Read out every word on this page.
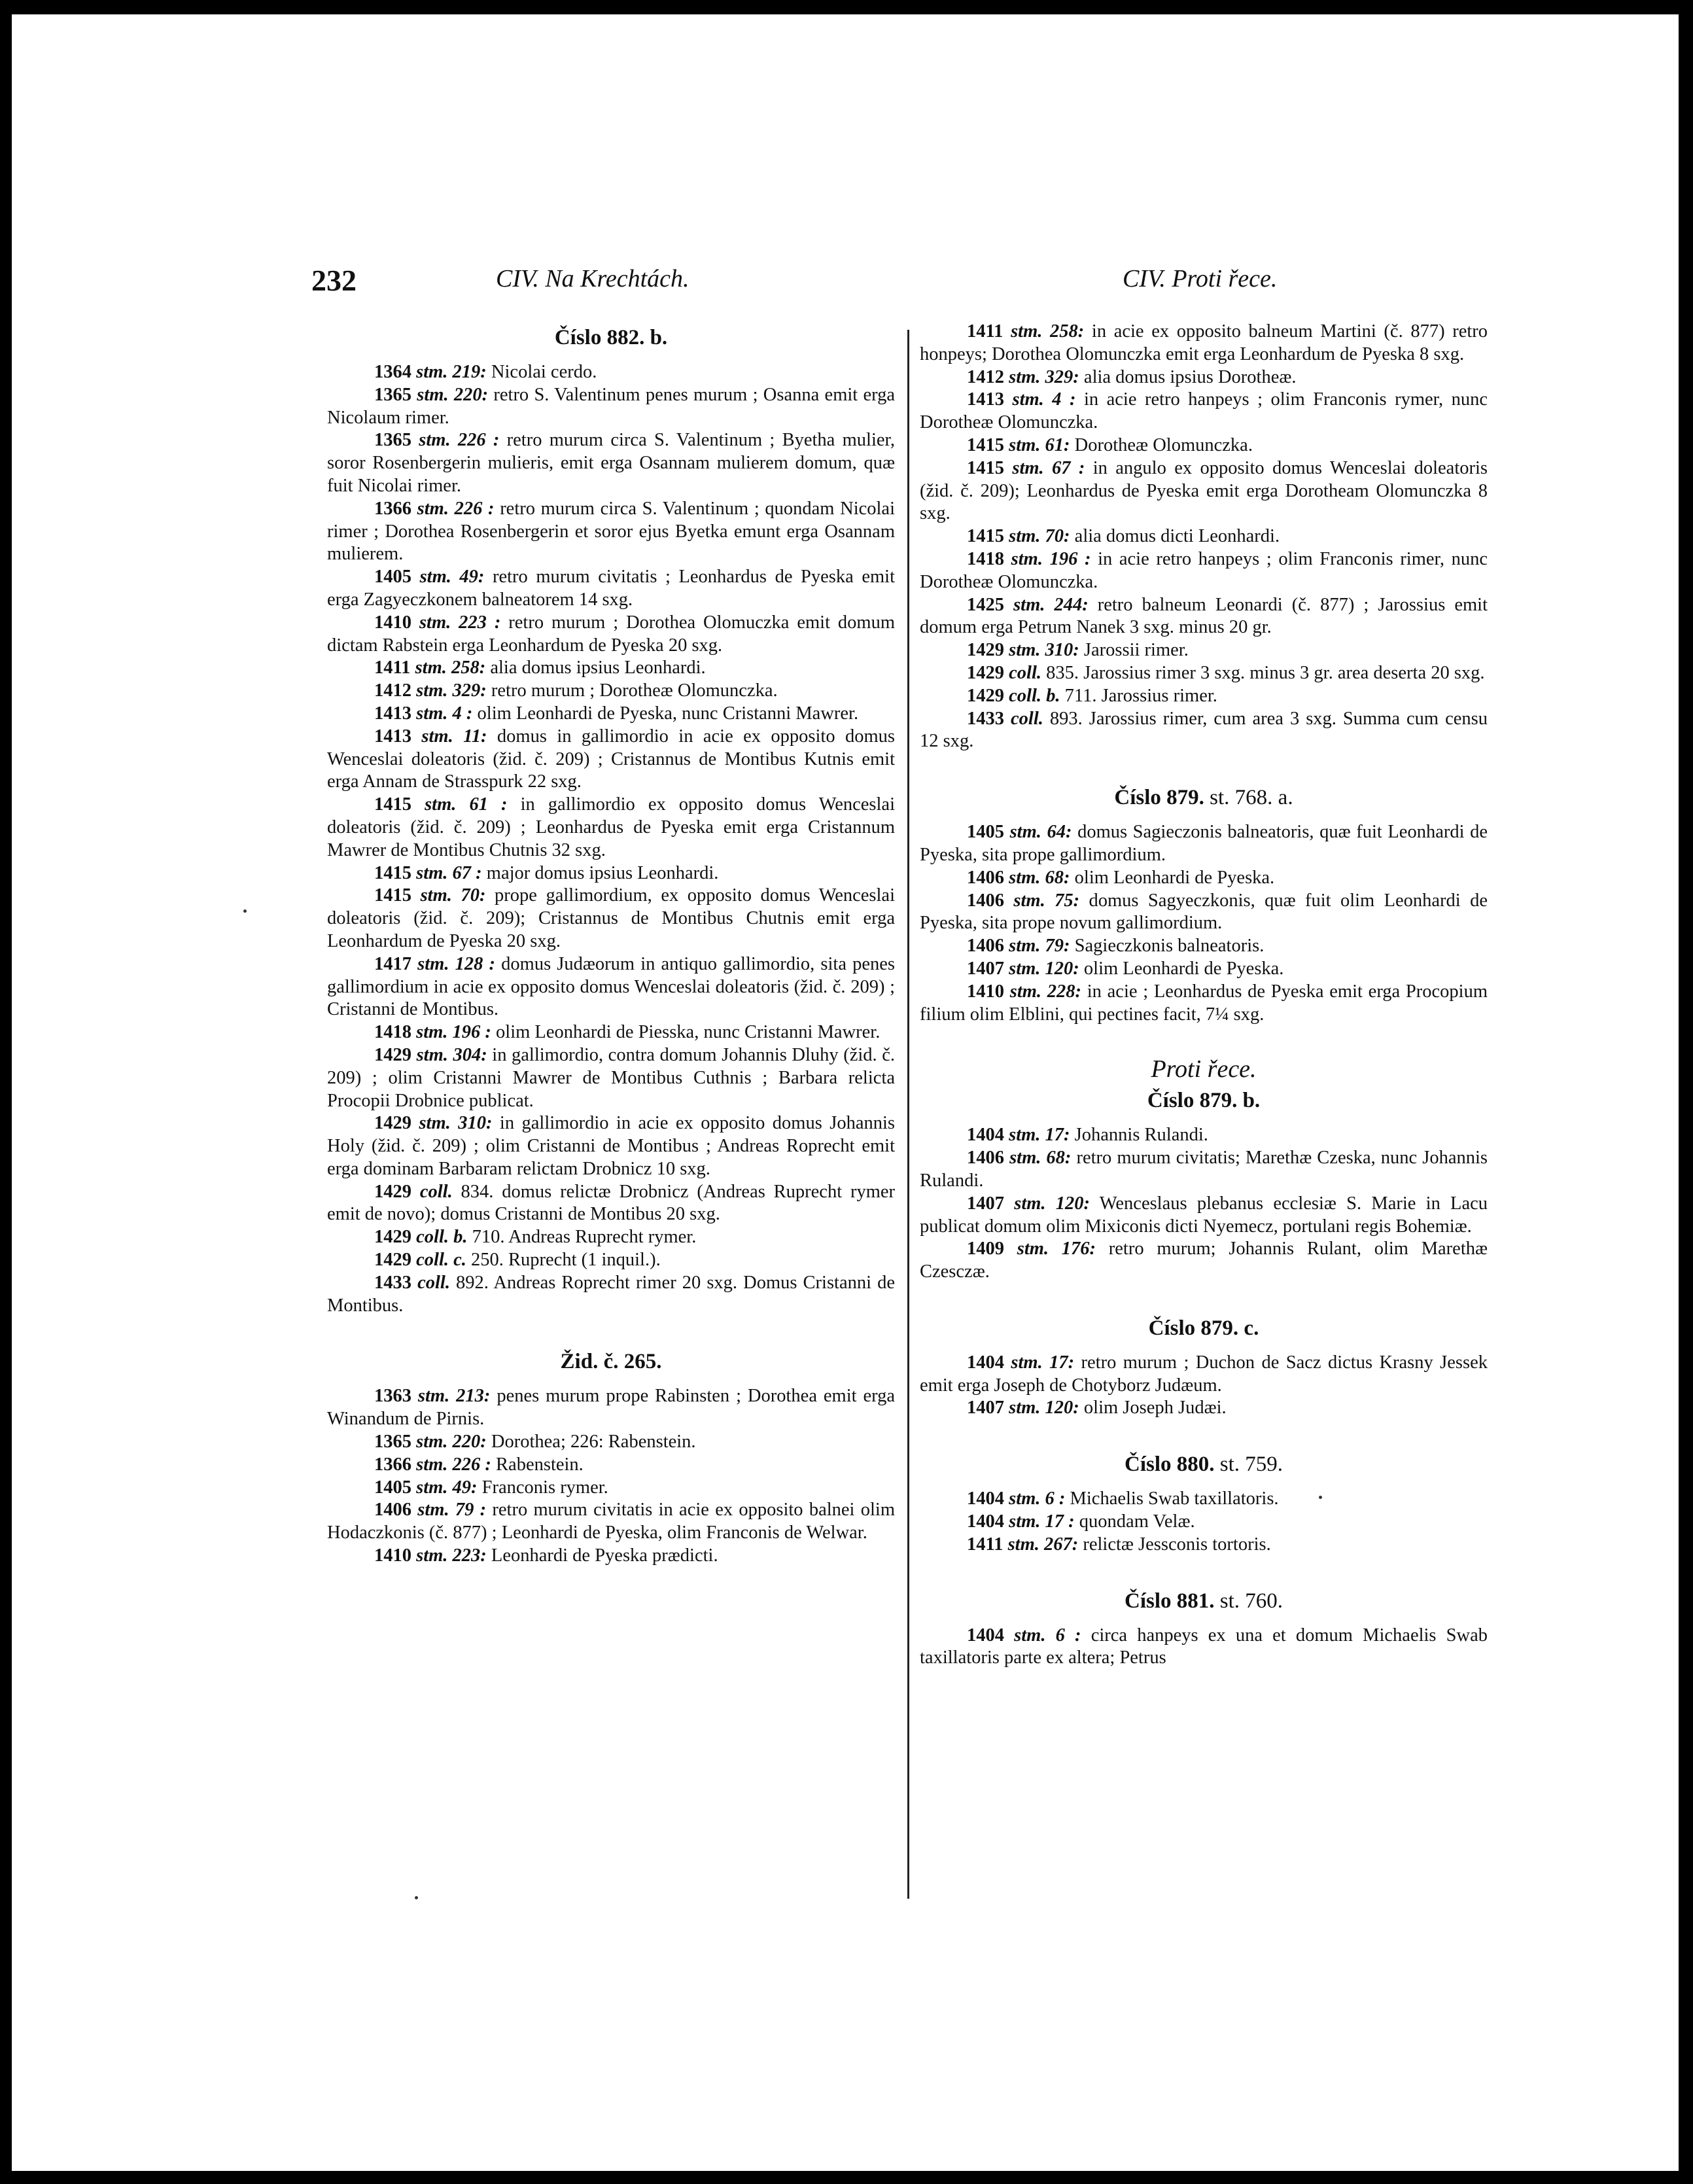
232	CIV. Na Krechtách.	CIV. Proti řece.
Číslo 882. b.

1364 stm. 219: Nicolai cerdo.

1365 stm. 220: retro S. Valentinum penes murum ; Osanna emit erga Nicolaum rimer.

1365 stm. 226 : retro murum circa S. Valentinum ; Byetha mulier, soror Rosenbergerin mulieris, emit erga Osannam mulierem domum, quæ fuit Nicolai rimer.

1366 stm. 226 : retro murum circa S. Valentinum ; quondam Nicolai rimer ; Dorothea Rosenbergerin et soror ejus Byetka emunt erga Osannam mulierem.

1405 stm. 49: retro murum civitatis ; Leonhardus de Pyeska emit erga Zagyeczkonem balneatorem 14 sxg.

1410 stm. 223 : retro murum ; Dorothea Olomuczka emit domum dictam Rabstein erga Leonhardum de Pyeska 20 sxg.

1411 stm. 258: alia domus ipsius Leonhardi.

1412 stm. 329: retro murum ; Dorotheæ Olomunczka.

1413 stm. 4 : olim Leonhardi de Pyeska, nunc Cristanni Mawrer.

1413 stm. 11: domus in gallimordio in acie ex opposito domus Wenceslai doleatoris (žid. č. 209) ; Cristannus de Montibus Kutnis emit erga Annam de Strasspurk 22 sxg.

1415 stm. 61 : in gallimordio ex opposito domus Wenceslai doleatoris (žid. č. 209) ; Leonhardus de Pyeska emit erga Cristannum Mawrer de Montibus Chutnis 32 sxg.

1415 stm. 67 : major domus ipsius Leonhardi.

1415 stm. 70: prope gallimordium, ex opposito domus Wenceslai doleatoris (žid. č. 209); Cristannus de Montibus Chutnis emit erga Leonhardum de Pyeska 20 sxg.

1417 stm. 128 : domus Judæorum in antiquo gallimordio, sita penes gallimordium in acie ex opposito domus Wenceslai doleatoris (žid. č. 209) ; Cristanni de Montibus.

1418 stm. 196 : olim Leonhardi de Piesska, nunc Cristanni Mawrer.

1429 stm. 304: in gallimordio, contra domum Johannis Dluhy (žid. č. 209) ; olim Cristanni Mawrer de Montibus Cuthnis ; Barbara relicta Procopii Drobnice publicat.

1429 stm. 310: in gallimordio in acie ex opposito domus Johannis Holy (žid. č. 209) ; olim Cristanni de Montibus ; Andreas Roprecht emit erga dominam Barbaram relictam Drobnicz 10 sxg.

1429 coll. 834. domus relictæ Drobnicz (Andreas Ruprecht rymer emit de novo); domus Cristanni de Montibus 20 sxg.

1429 coll. b. 710. Andreas Ruprecht rymer.

1429 coll. c. 250. Ruprecht (1 inquil.).

1433 coll. 892. Andreas Roprecht rimer 20 sxg. Domus Cristanni de Montibus.

Žid. č. 265.

1363 stm. 213: penes murum prope Rabinsten ; Dorothea emit erga Winandum de Pirnis.

1365 stm. 220: Dorothea; 226: Rabenstein.

1366 stm. 226 : Rabenstein.

1405 stm. 49: Franconis rymer.

1406 stm. 79 : retro murum civitatis in acie ex opposito balnei olim Hodaczkonis (č. 877) ; Leonhardi de Pyeska, olim Franconis de Welwar.

1410 stm. 223: Leonhardi de Pyeska prædicti.

1411 stm. 258: in acie ex opposito balneum Martini (č. 877) retro honpeys; Dorothea Olomunczka emit erga Leonhardum de Pyeska 8 sxg.

1412 stm. 329: alia domus ipsius Dorotheæ.

1413 stm. 4 : in acie retro hanpeys ; olim Franconis rymer, nunc Dorotheæ Olomunczka.

1415 stm. 61: Dorotheæ Olomunczka.

1415 stm. 67 : in angulo ex opposito domus Wenceslai doleatoris (žid. č. 209); Leonhardus de Pyeska emit erga Dorotheam Olomunczka 8 sxg.

1415 stm. 70: alia domus dicti Leonhardi.

1418 stm. 196 : in acie retro hanpeys ; olim Franconis rimer, nunc Dorotheæ Olomunczka.

1425 stm. 244: retro balneum Leonardi (č. 877) ; Jarossius emit domum erga Petrum Nanek 3 sxg. minus 20 gr.

1429 stm. 310: Jarossii rimer.

1429 coll. 835. Jarossius rimer 3 sxg. minus 3 gr. area deserta 20 sxg.

1429 coll. b. 711. Jarossius rimer.

1433 coll. 893. Jarossius rimer, cum area 3 sxg. Summa cum censu 12 sxg.

Číslo 879. st. 768. a.

1405 stm. 64: domus Sagieczonis balneatoris, quæ fuit Leonhardi de Pyeska, sita prope gallimordium.

1406 stm. 68: olim Leonhardi de Pyeska.

1406 stm. 75: domus Sagyeczkonis, quæ fuit olim Leonhardi de Pyeska, sita prope novum gallimordium.

1406 stm. 79: Sagieczkonis balneatoris.

1407 stm. 120: olim Leonhardi de Pyeska.

1410 stm. 228: in acie ; Leonhardus de Pyeska emit erga Procopium filium olim Elblini, qui pectines facit, 7¼ sxg.

Proti řece.
Číslo 879. b.

1404 stm. 17: Johannis Rulandi.

1406 stm. 68: retro murum civitatis; Marethæ Czeska, nunc Johannis Rulandi.

1407 stm. 120: Wenceslaus plebanus ecclesiæ S. Marie in Lacu publicat domum olim Mixiconis dicti Nyemecz, portulani regis Bohemiæ.

1409 stm. 176: retro murum; Johannis Rulant, olim Marethæ Czesczæ.

Číslo 879. c.

1404 stm. 17: retro murum ; Duchon de Sacz dictus Krasny Jessek emit erga Joseph de Chotyborz Judæum.

1407 stm. 120: olim Joseph Judæi.

Číslo 880. st. 759.

1404 stm. 6 : Michaelis Swab taxillatoris.

1404 stm. 17 : quondam Velæ.

1411 stm. 267: relictæ Jessconis tortoris.

Číslo 881. st. 760.

1404 stm. 6 : circa hanpeys ex una et domum Michaelis Swab taxillatoris parte ex altera; Petrus
